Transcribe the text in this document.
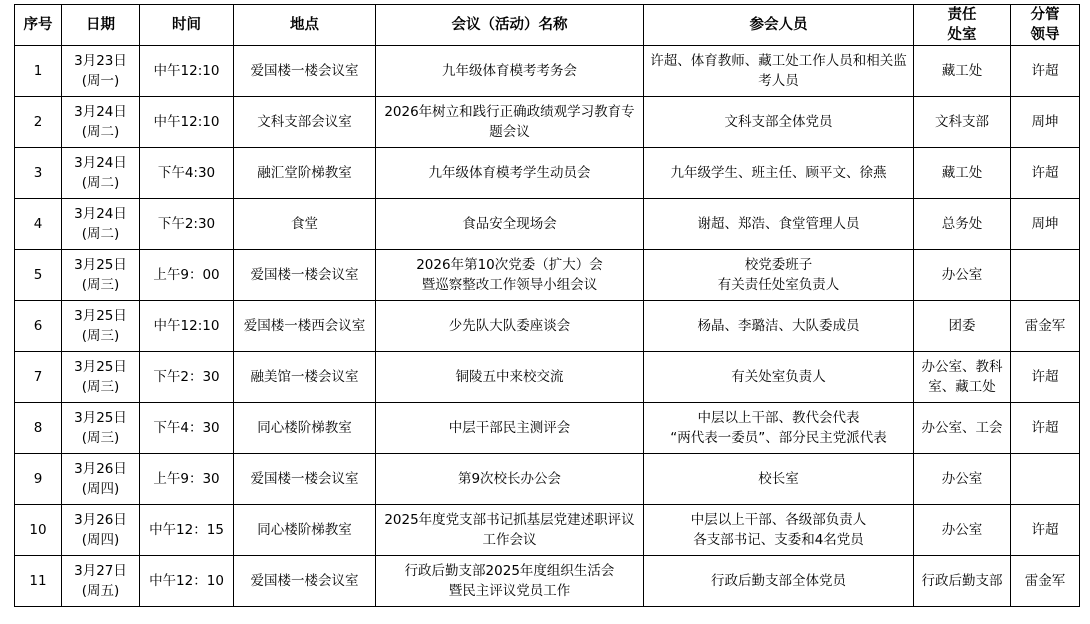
序号	日期	时间	地点	会议（活动）名称	参会人员	责任
处室	分管
领导

1	3月23日
(周一)	中午12:10	爱国楼一楼会议室	九年级体育模考考务会	许超、体育教师、藏工处工作人员和相关监考人员	藏工处	许超
2	3月24日
(周二)	中午12:10	文科支部会议室	2026年树立和践行正确政绩观学习教育专题会议	文科支部全体党员	文科支部	周坤
3	3月24日
(周二)	下午4:30	融汇堂阶梯教室	九年级体育模考学生动员会	九年级学生、班主任、顾平文、徐燕	藏工处	许超
4	3月24日
(周二)	下午2:30	食堂	食品安全现场会	谢超、郑浩、食堂管理人员	总务处	周坤
5	3月25日
(周三)	上午9：00	爱国楼一楼会议室	2026年第10次党委（扩大）会
暨巡察整改工作领导小组会议	校党委班子
有关责任处室负责人	办公室	
6	3月25日
(周三)	中午12:10	爱国楼一楼西会议室	少先队大队委座谈会	杨晶、李璐洁、大队委成员	团委	雷金军
7	3月25日
(周三)	下午2：30	融美馆一楼会议室	铜陵五中来校交流	有关处室负责人	办公室、教科室、藏工处	许超
8	3月25日
(周三)	下午4：30	同心楼阶梯教室	中层干部民主测评会	中层以上干部、教代会代表
“两代表一委员”、部分民主党派代表	办公室、工会	许超
9	3月26日
(周四)	上午9：30	爱国楼一楼会议室	第9次校长办公会	校长室	办公室	
10	3月26日
(周四)	中午12：15	同心楼阶梯教室	2025年度党支部书记抓基层党建述职评议工作会议	中层以上干部、各级部负责人
各支部书记、支委和4名党员	办公室	许超
11	3月27日
(周五)	中午12：10	爱国楼一楼会议室	行政后勤支部2025年度组织生活会
暨民主评议党员工作	行政后勤支部全体党员	行政后勤支部	雷金军
